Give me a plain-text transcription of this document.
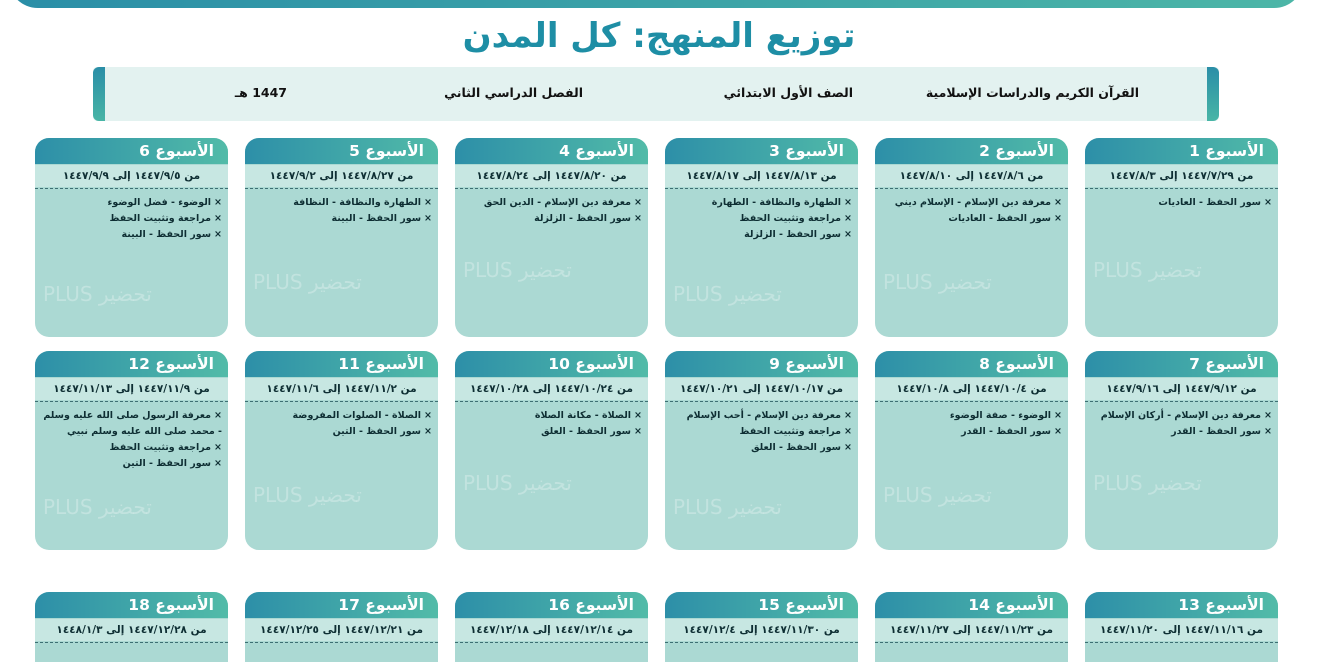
توزيع المنهج: كل المدن
القرآن الكريم والدراسات الإسلامية
الصف الأول الابتدائي
الفصل الدراسي الثاني
1447 هـ
الأسبوع 1
من ١٤٤٧/٧/٢٩ إلى ١٤٤٧/٨/٣
تحضير PLUS
× سور الحفظ - العاديات
الأسبوع 2
من ١٤٤٧/٨/٦ إلى ١٤٤٧/٨/١٠
تحضير PLUS
× معرفة دين الإسلام - الإسلام ديني
× سور الحفظ - العاديات
الأسبوع 3
من ١٤٤٧/٨/١٣ إلى ١٤٤٧/٨/١٧
تحضير PLUS
× الطهارة والنظافة - الطهارة
× مراجعة وتثبيت الحفظ
× سور الحفظ - الزلزلة
الأسبوع 4
من ١٤٤٧/٨/٢٠ إلى ١٤٤٧/٨/٢٤
تحضير PLUS
× معرفة دين الإسلام - الدين الحق
× سور الحفظ - الزلزلة
الأسبوع 5
من ١٤٤٧/٨/٢٧ إلى ١٤٤٧/٩/٢
تحضير PLUS
× الطهارة والنظافة - النظافة
× سور الحفظ - البينة
الأسبوع 6
من ١٤٤٧/٩/٥ إلى ١٤٤٧/٩/٩
تحضير PLUS
× الوضوء - فضل الوضوء
× مراجعة وتثبيت الحفظ
× سور الحفظ - البينة
الأسبوع 7
من ١٤٤٧/٩/١٢ إلى ١٤٤٧/٩/١٦
تحضير PLUS
× معرفة دين الإسلام - أركان الإسلام
× سور الحفظ - القدر
الأسبوع 8
من ١٤٤٧/١٠/٤ إلى ١٤٤٧/١٠/٨
تحضير PLUS
× الوضوء - صفة الوضوء
× سور الحفظ - القدر
الأسبوع 9
من ١٤٤٧/١٠/١٧ إلى ١٤٤٧/١٠/٢١
تحضير PLUS
× معرفة دين الإسلام - أحب الإسلام
× مراجعة وتثبيت الحفظ
× سور الحفظ - العلق
الأسبوع 10
من ١٤٤٧/١٠/٢٤ إلى ١٤٤٧/١٠/٢٨
تحضير PLUS
× الصلاة - مكانة الصلاة
× سور الحفظ - العلق
الأسبوع 11
من ١٤٤٧/١١/٢ إلى ١٤٤٧/١١/٦
تحضير PLUS
× الصلاة - الصلوات المفروضة
× سور الحفظ - التين
الأسبوع 12
من ١٤٤٧/١١/٩ إلى ١٤٤٧/١١/١٣
تحضير PLUS
× معرفة الرسول صلى الله عليه وسلم - محمد صلى الله عليه وسلم نبيي
× مراجعة وتثبيت الحفظ
× سور الحفظ - التين
الأسبوع 13
من ١٤٤٧/١١/١٦ إلى ١٤٤٧/١١/٢٠
الأسبوع 14
من ١٤٤٧/١١/٢٣ إلى ١٤٤٧/١١/٢٧
الأسبوع 15
من ١٤٤٧/١١/٣٠ إلى ١٤٤٧/١٢/٤
الأسبوع 16
من ١٤٤٧/١٢/١٤ إلى ١٤٤٧/١٢/١٨
الأسبوع 17
من ١٤٤٧/١٢/٢١ إلى ١٤٤٧/١٢/٢٥
الأسبوع 18
من ١٤٤٧/١٢/٢٨ إلى ١٤٤٨/١/٣
